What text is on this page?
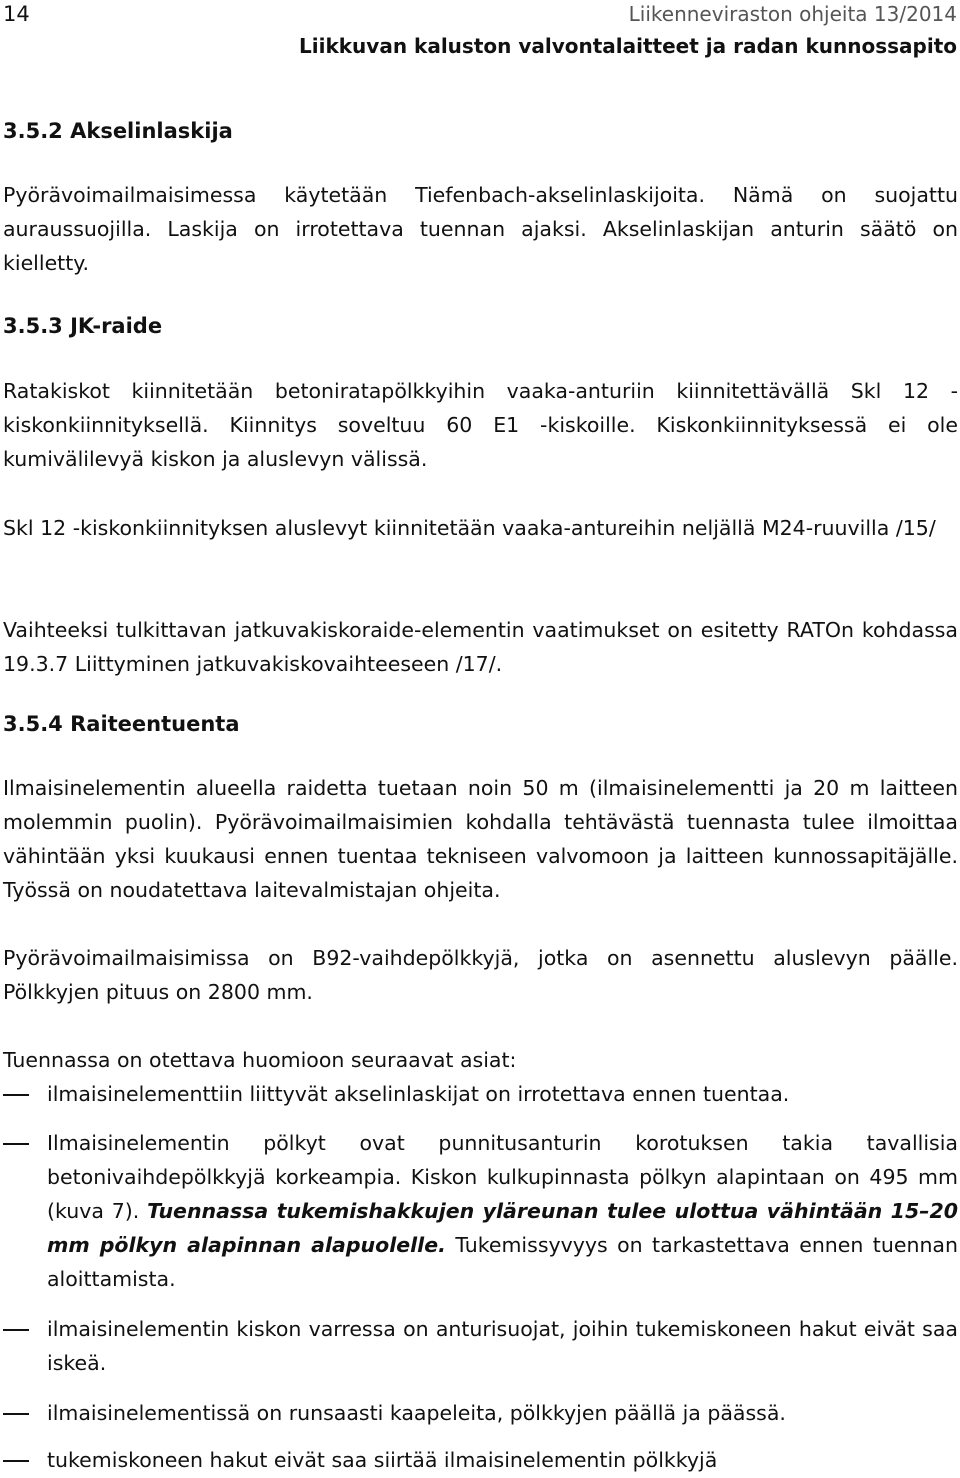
14	Liikenneviraston ohjeita 13/2014
Liikkuvan kaluston valvontalaitteet ja radan kunnossapito
3.5.2 Akselinlaskija
Pyörävoimailmaisimessa käytetään Tiefenbach-akselinlaskijoita. Nämä on suojattu auraussuojilla. Laskija on irrotettava tuennan ajaksi. Akselinlaskijan anturin säätö on kielletty.
3.5.3 JK-raide
Ratakiskot kiinnitetään betoniratapölkkyihin vaaka-anturiin kiinnitettävällä Skl 12 -kiskonkiinnityksellä. Kiinnitys soveltuu 60 E1 -kiskoille. Kiskonkiinnityksessä ei ole kumivälilevyä kiskon ja aluslevyn välissä.
Skl 12 -kiskonkiinnityksen aluslevyt kiinnitetään vaaka-antureihin neljällä M24-ruuvilla /15/
Vaihteeksi tulkittavan jatkuvakiskoraide-elementin vaatimukset on esitetty RATOn kohdassa 19.3.7 Liittyminen jatkuvakiskovaihteeseen /17/.
3.5.4 Raiteentuenta
Ilmaisinelementin alueella raidetta tuetaan noin 50 m (ilmaisinelementti ja 20 m laitteen molemmin puolin). Pyörävoimailmaisimien kohdalla tehtävästä tuennasta tulee ilmoittaa vähintään yksi kuukausi ennen tuentaa tekniseen valvomoon ja laitteen kunnossapitäjälle. Työssä on noudatettava laitevalmistajan ohjeita.
Pyörävoimailmaisimissa on B92-vaihdepölkkyjä, jotka on asennettu aluslevyn päälle. Pölkkyjen pituus on 2800 mm.
Tuennassa on otettava huomioon seuraavat asiat:
ilmaisinelementtiin liittyvät akselinlaskijat on irrotettava ennen tuentaa.
Ilmaisinelementin pölkyt ovat punnitusanturin korotuksen takia tavallisia betonivaihdepölkkyjä korkeampia. Kiskon kulkupinnasta pölkyn alapintaan on 495 mm (kuva 7). Tuennassa tukemishakkujen yläreunan tulee ulottua vähintään 15–20 mm pölkyn alapinnan alapuolelle. Tukemissyvyys on tarkastettava ennen tuennan aloittamista.
ilmaisinelementin kiskon varressa on anturisuojat, joihin tukemiskoneen hakut eivät saa iskeä.
ilmaisinelementissä on runsaasti kaapeleita, pölkkyjen päällä ja päässä.
tukemiskoneen hakut eivät saa siirtää ilmaisinelementin pölkkyjä
